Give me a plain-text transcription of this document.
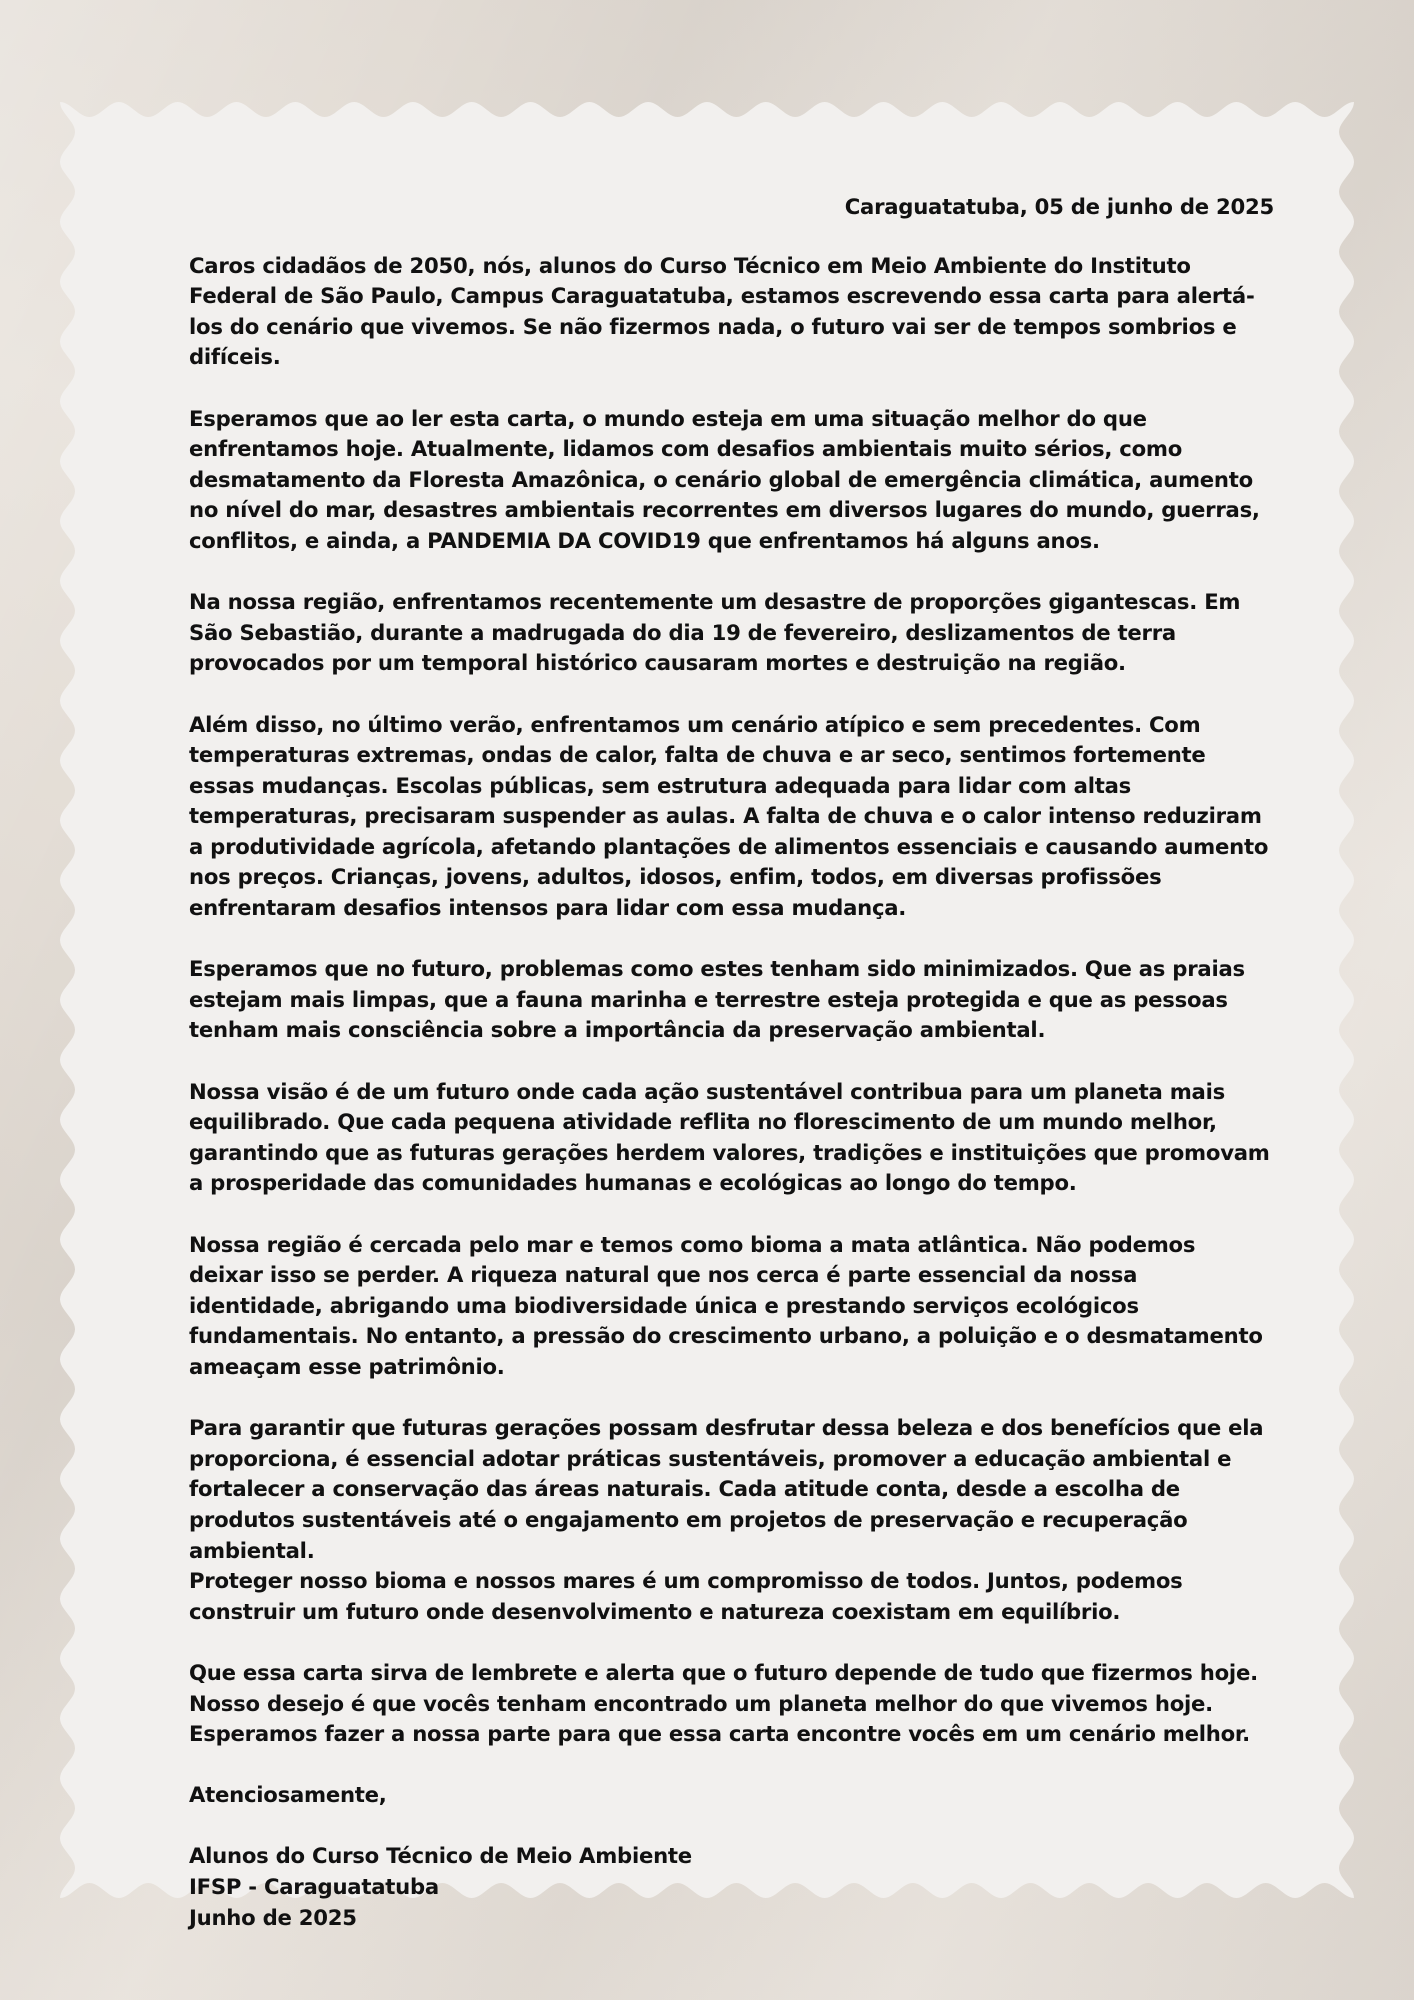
Caraguatatuba, 05 de junho de 2025

Caros cidadãos de 2050, nós, alunos do Curso Técnico em Meio Ambiente do Instituto Federal de São Paulo, Campus Caraguatatuba, estamos escrevendo essa carta para alertá-los do cenário que vivemos. Se não fizermos nada, o futuro vai ser de tempos sombrios e difíceis.

Esperamos que ao ler esta carta, o mundo esteja em uma situação melhor do que enfrentamos hoje. Atualmente, lidamos com desafios ambientais muito sérios, como desmatamento da Floresta Amazônica, o cenário global de emergência climática, aumento no nível do mar, desastres ambientais recorrentes em diversos lugares do mundo, guerras, conflitos, e ainda, a PANDEMIA DA COVID19 que enfrentamos há alguns anos.

Na nossa região, enfrentamos recentemente um desastre de proporções gigantescas. Em São Sebastião, durante a madrugada do dia 19 de fevereiro, deslizamentos de terra provocados por um temporal histórico causaram mortes e destruição na região.

Além disso, no último verão, enfrentamos um cenário atípico e sem precedentes. Com temperaturas extremas, ondas de calor, falta de chuva e ar seco, sentimos fortemente essas mudanças. Escolas públicas, sem estrutura adequada para lidar com altas temperaturas, precisaram suspender as aulas. A falta de chuva e o calor intenso reduziram a produtividade agrícola, afetando plantações de alimentos essenciais e causando aumento nos preços. Crianças, jovens, adultos, idosos, enfim, todos, em diversas profissões enfrentaram desafios intensos para lidar com essa mudança.

Esperamos que no futuro, problemas como estes tenham sido minimizados. Que as praias estejam mais limpas, que a fauna marinha e terrestre esteja protegida e que as pessoas tenham mais consciência sobre a importância da preservação ambiental.

Nossa visão é de um futuro onde cada ação sustentável contribua para um planeta mais equilibrado. Que cada pequena atividade reflita no florescimento de um mundo melhor, garantindo que as futuras gerações herdem valores, tradições e instituições que promovam a prosperidade das comunidades humanas e ecológicas ao longo do tempo.

Nossa região é cercada pelo mar e temos como bioma a mata atlântica. Não podemos deixar isso se perder. A riqueza natural que nos cerca é parte essencial da nossa identidade, abrigando uma biodiversidade única e prestando serviços ecológicos fundamentais. No entanto, a pressão do crescimento urbano, a poluição e o desmatamento ameaçam esse patrimônio.

Para garantir que futuras gerações possam desfrutar dessa beleza e dos benefícios que ela proporciona, é essencial adotar práticas sustentáveis, promover a educação ambiental e fortalecer a conservação das áreas naturais. Cada atitude conta, desde a escolha de produtos sustentáveis até o engajamento em projetos de preservação e recuperação ambiental.
Proteger nosso bioma e nossos mares é um compromisso de todos. Juntos, podemos construir um futuro onde desenvolvimento e natureza coexistam em equilíbrio.

Que essa carta sirva de lembrete e alerta que o futuro depende de tudo que fizermos hoje. Nosso desejo é que vocês tenham encontrado um planeta melhor do que vivemos hoje. Esperamos fazer a nossa parte para que essa carta encontre vocês em um cenário melhor.

Atenciosamente,

Alunos do Curso Técnico de Meio Ambiente
IFSP - Caraguatatuba
Junho de 2025
